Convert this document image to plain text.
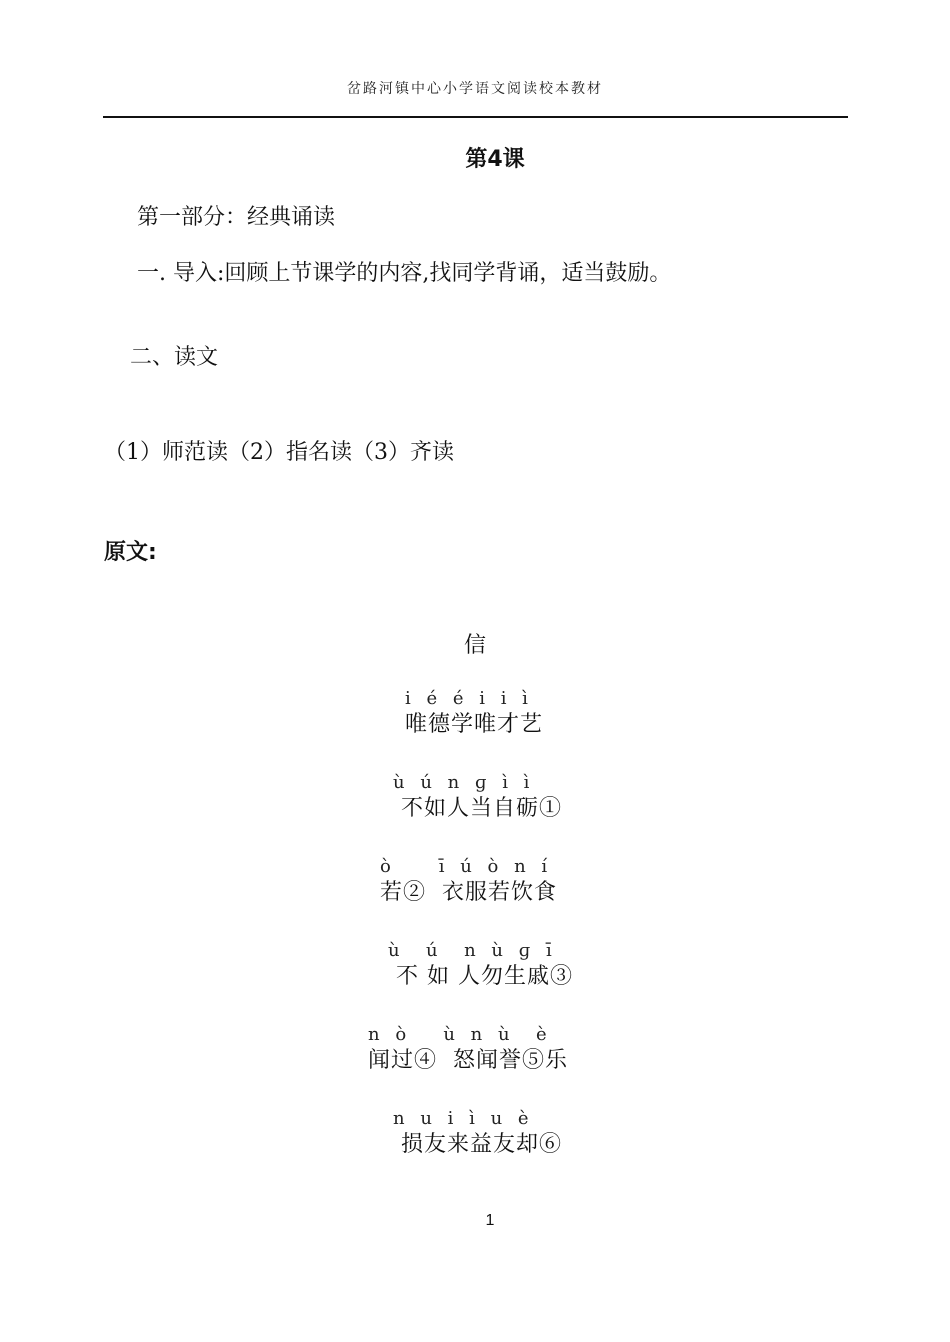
岔路河镇中心小学语文阅读校本教材
第4课
第一部分：经典诵读
一. 导入:回顾上节课学的内容,找同学背诵，适当鼓励。
二、读文
（1）师范读（2）指名读（3）齐读
原文:
信
i é é i i ì
唯德学唯才艺
ù ú n ɡ ì ì
不如人当自砺①
ò    ī ú ò n í
若②  衣服若饮食
ù  ú  n ù ɡ ī
不 如 人勿生戚③
n ò   ù n ù  è
闻过④  怒闻誉⑤乐
n u i ì u è
损友来益友却⑥
1
